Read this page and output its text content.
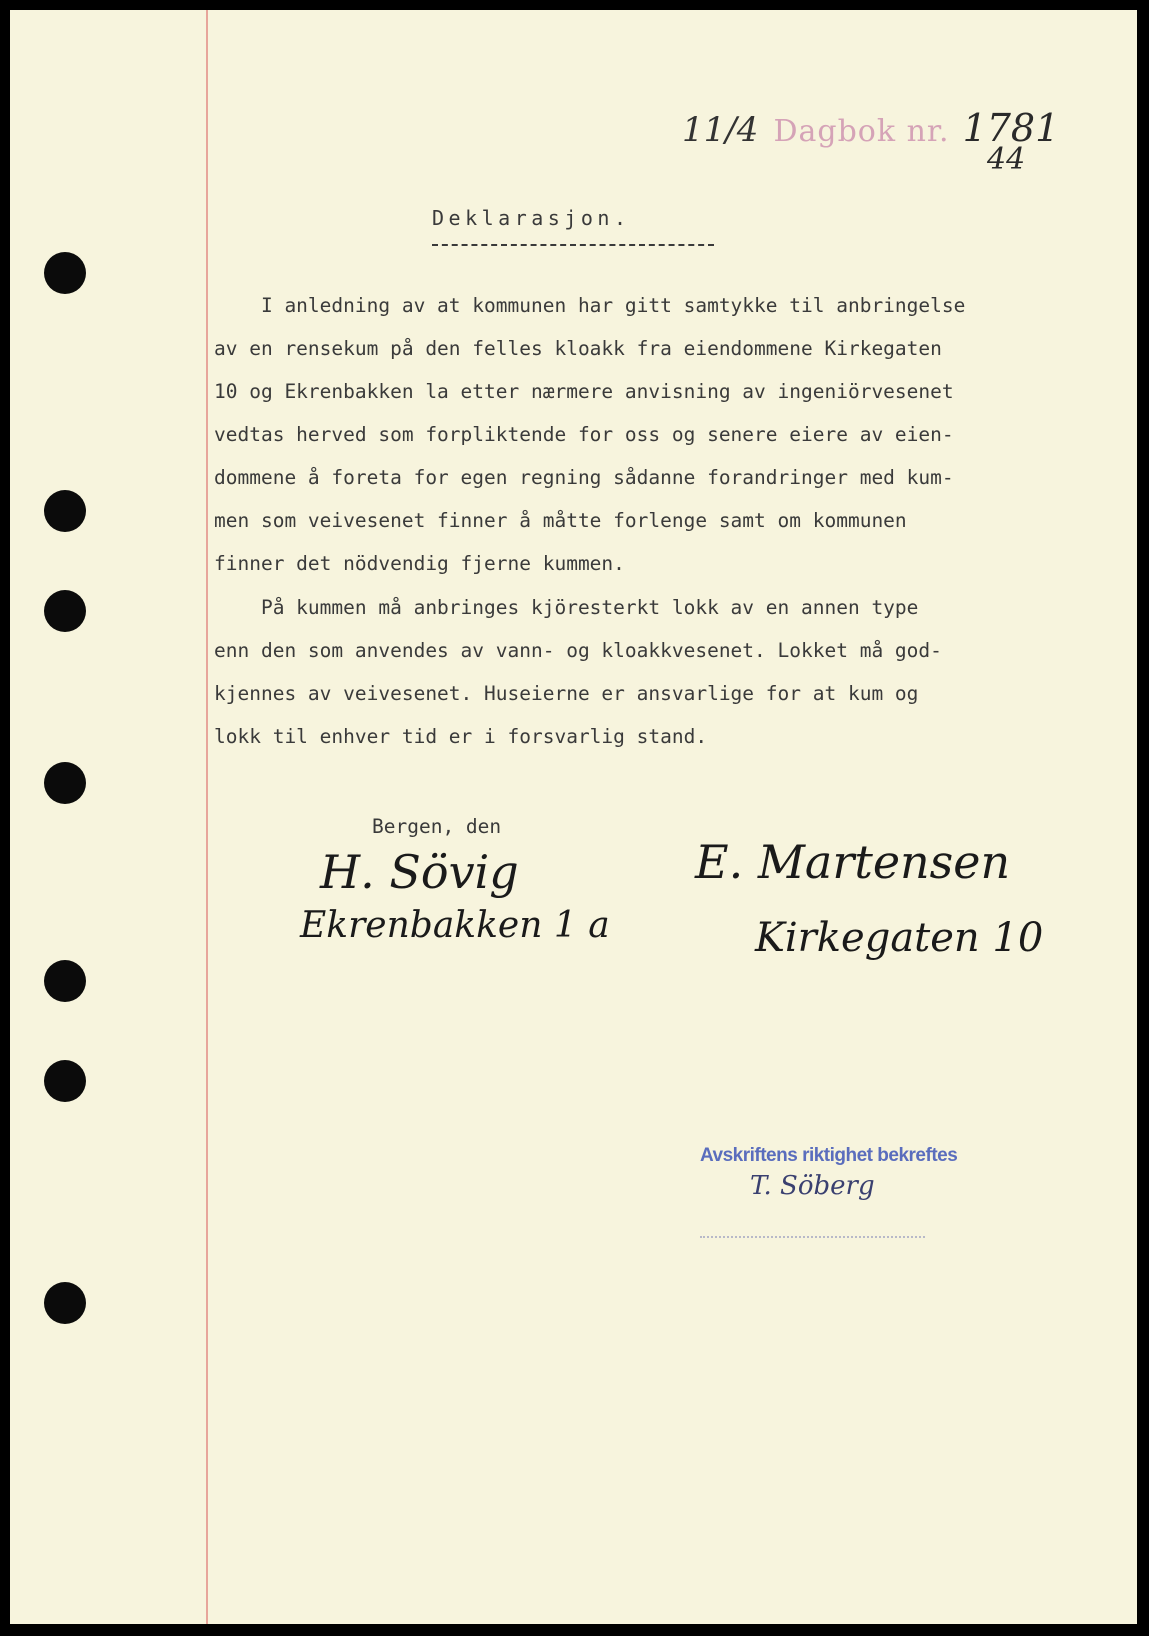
11/4 Dagbok nr. 1781
44
Deklarasjon.
I anledning av at kommunen har gitt samtykke til anbringelse
av en rensekum på den felles kloakk fra eiendommene Kirkegaten
10 og Ekrenbakken la etter nærmere anvisning av ingeniörvesenet
vedtas herved som forpliktende for oss og senere eiere av eien-
dommene å foreta for egen regning sådanne forandringer med kum-
men som veivesenet finner å måtte forlenge samt om kommunen
finner det nödvendig fjerne kummen.
På kummen må anbringes kjöresterkt lokk av en annen type
enn den som anvendes av vann- og kloakkvesenet. Lokket må god-
kjennes av veivesenet. Huseierne er ansvarlige for at kum og
lokk til enhver tid er i forsvarlig stand.
Bergen, den
H. Sövig
Ekrenbakken 1 a
E. Martensen
Kirkegaten 10
Avskriftens riktighet bekreftes
T. Söberg
